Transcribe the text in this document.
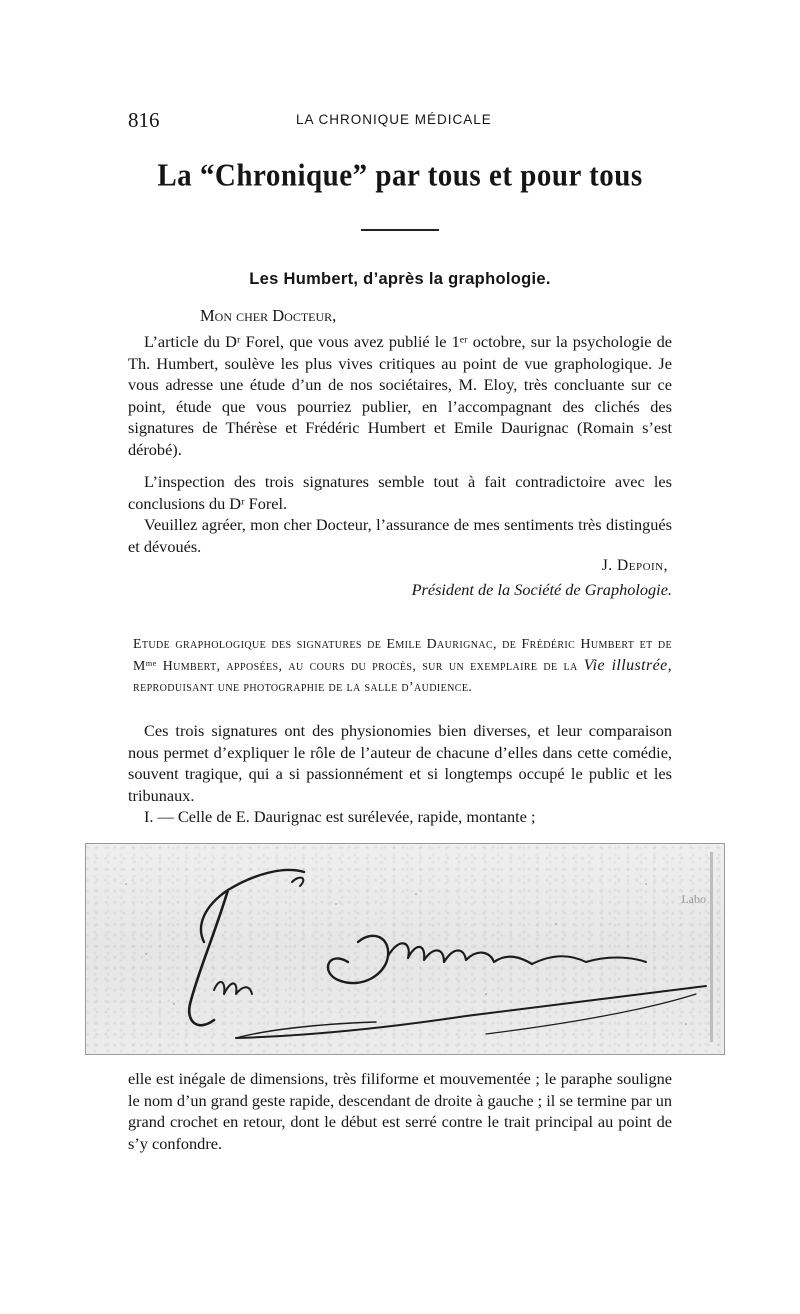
816	LA CHRONIQUE MÉDICALE
La “Chronique” par tous et pour tous
Les Humbert, d’après la graphologie.
Mon cher Docteur,

L’article du Dʳ Forel, que vous avez publié le 1ᵉʳ octobre, sur la psychologie de Th. Humbert, soulève les plus vives critiques au point de vue graphologique. Je vous adresse une étude d’un de nos sociétaires, M. Eloy, très concluante sur ce point, étude que vous pourriez publier, en l’accompagnant des clichés des signatures de Thérèse et Frédéric Humbert et Emile Daurignac (Romain s’est dérobé).

L’inspection des trois signatures semble tout à fait contradictoire avec les conclusions du Dʳ Forel.

Veuillez agréer, mon cher Docteur, l’assurance de mes sentiments très distingués et dévoués.

J. Depoin,
Président de la Société de Graphologie.

Etude graphologique des signatures de Emile Daurignac, de Frédéric Humbert et de Mᵐᵉ Humbert, apposées, au cours du procès, sur un exemplaire de la Vie illustrée, reproduisant une photographie de la salle d’audience.

Ces trois signatures ont des physionomies bien diverses, et leur comparaison nous permet d’expliquer le rôle de l’auteur de chacune d’elles dans cette comédie, souvent tragique, qui a si passionnément et si longtemps occupé le public et les tribunaux.

I. — Celle de E. Daurignac est surélevée, rapide, montante ;

Labo

elle est inégale de dimensions, très filiforme et mouvementée ; le paraphe souligne le nom d’un grand geste rapide, descendant de droite à gauche ; il se termine par un grand crochet en retour, dont le début est serré contre le trait principal au point de s’y confondre.
